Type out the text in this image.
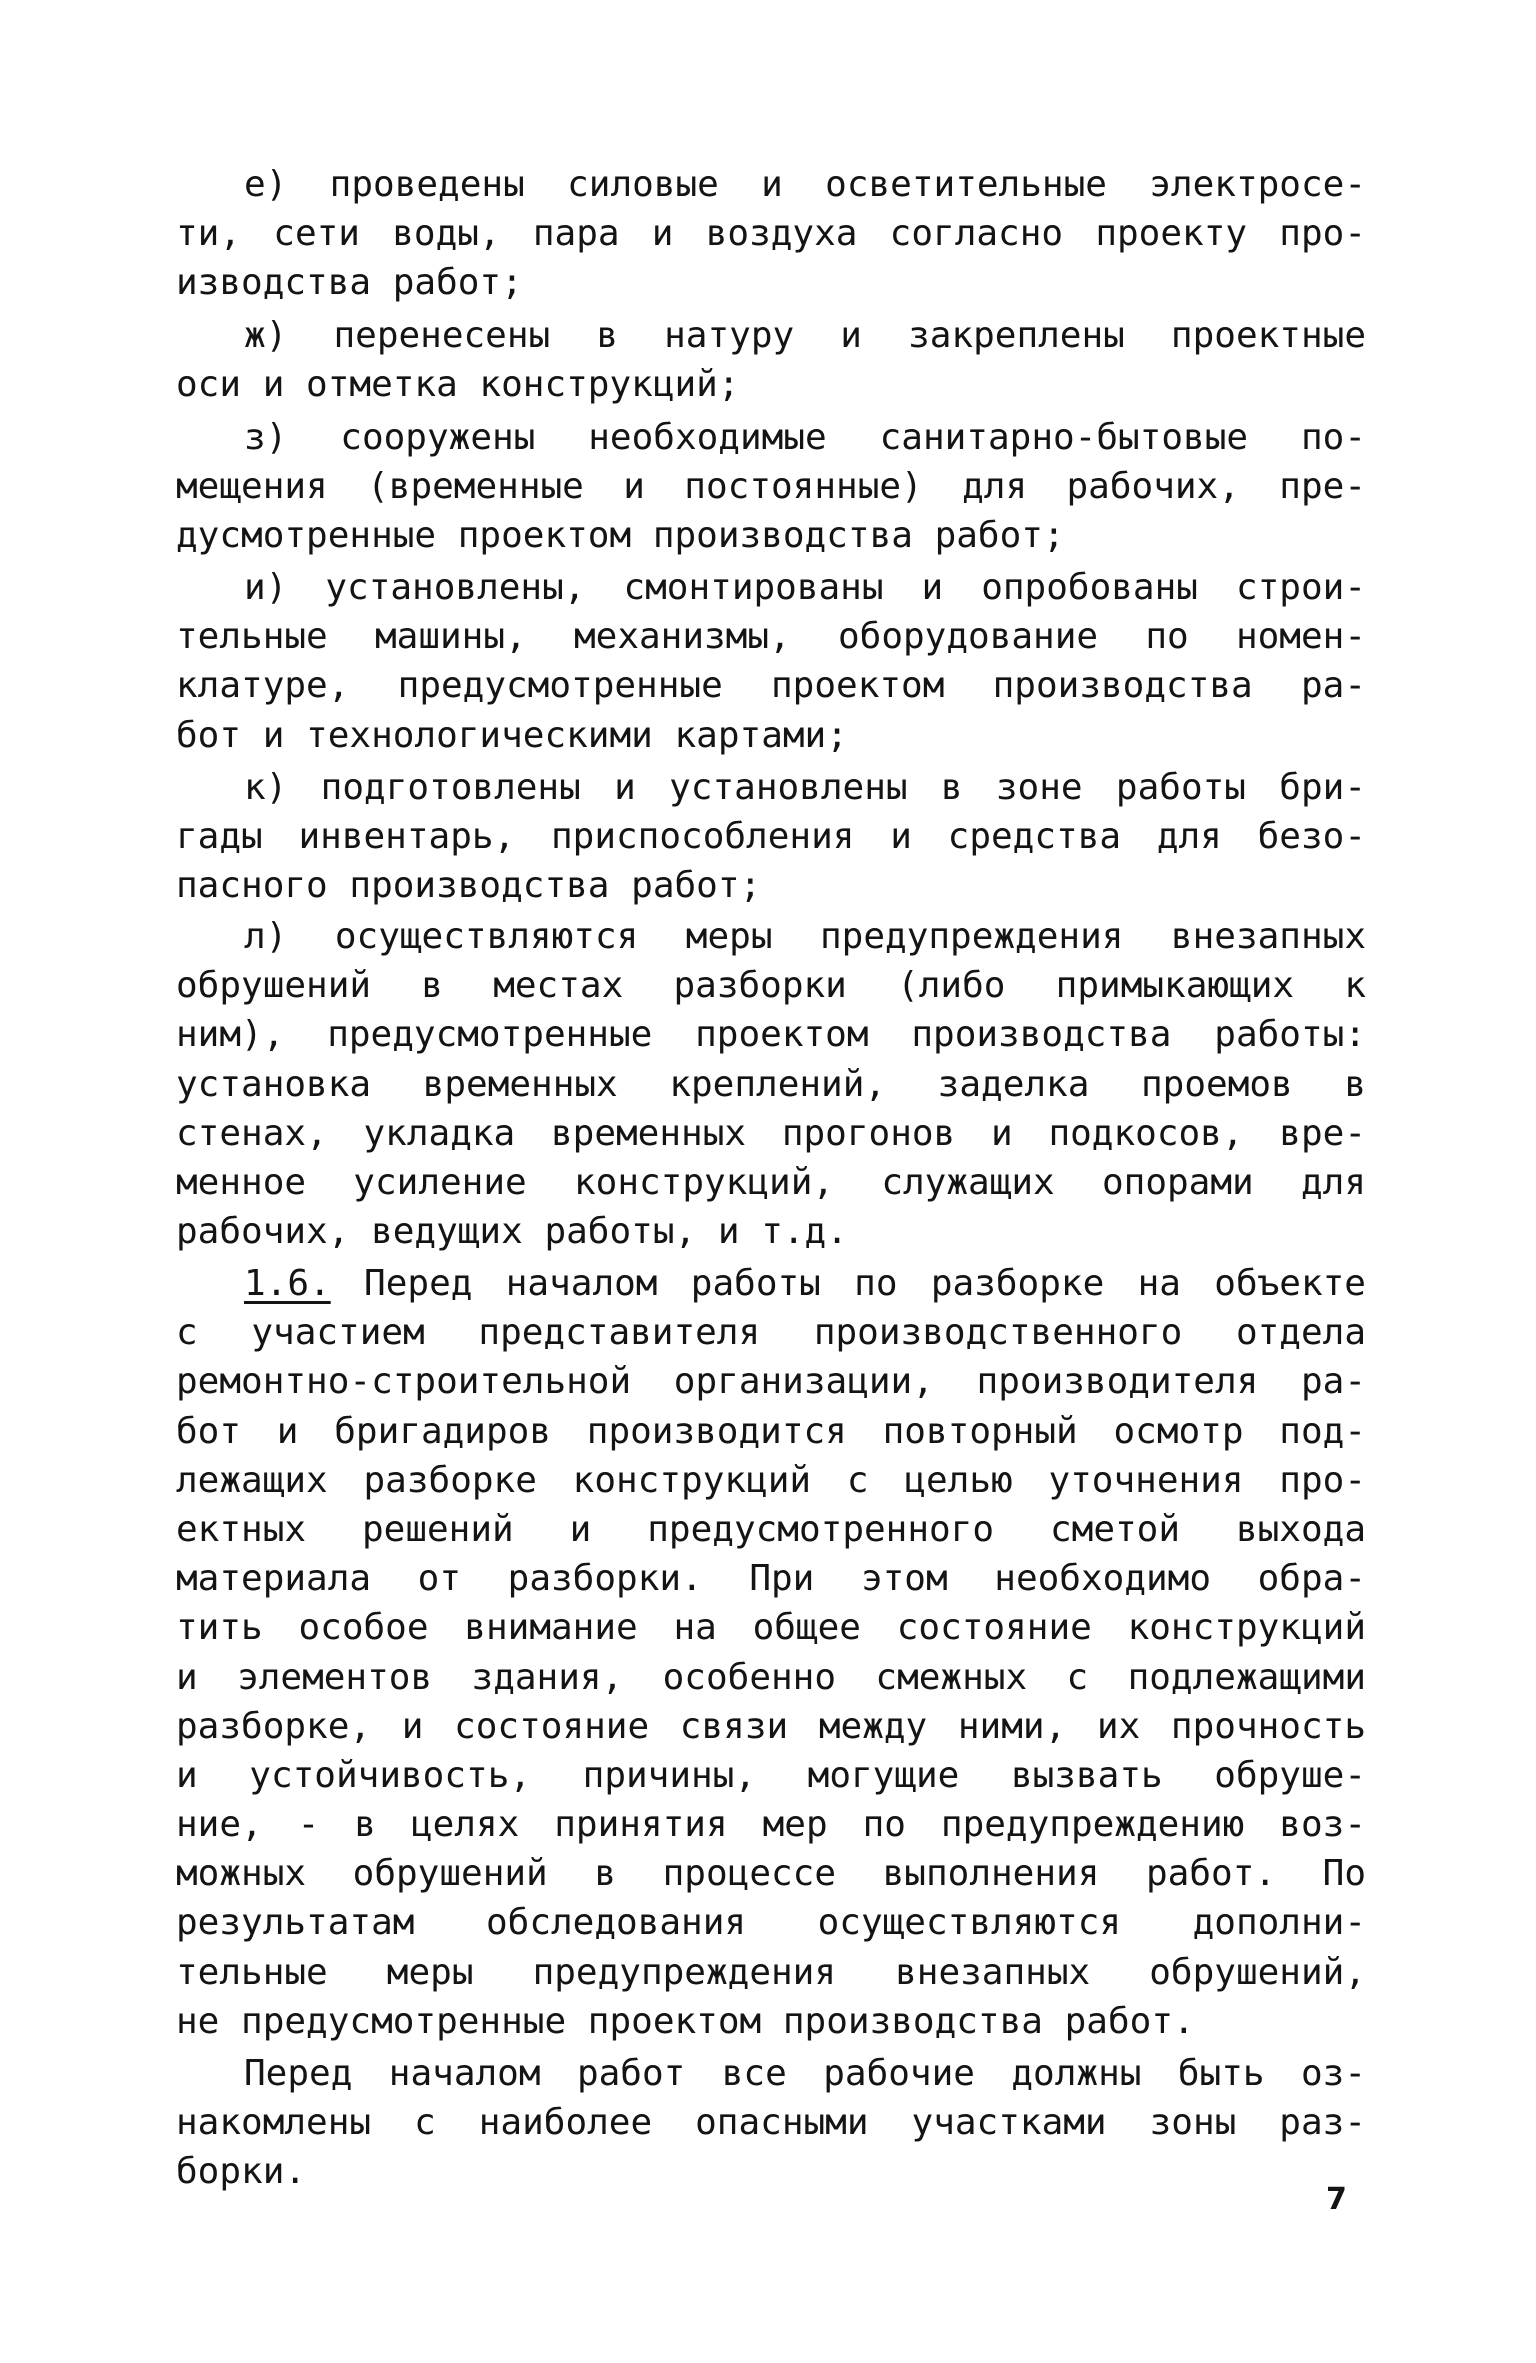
е) проведены силовые и осветительные электросе-
ти, сети воды, пара и воздуха согласно проекту про-
изводства работ;
ж) перенесены в натуру и закреплены проектные
оси и отметка конструкций;
з) сооружены необходимые санитарно-бытовые по-
мещения (временные и постоянные) для рабочих, пре-
дусмотренные проектом производства работ;
и) установлены, смонтированы и опробованы строи-
тельные машины, механизмы, оборудование по номен-
клатуре, предусмотренные проектом производства ра-
бот и технологическими картами;
к) подготовлены и установлены в зоне работы бри-
гады инвентарь, приспособления и средства для безо-
пасного производства работ;
л) осуществляются меры предупреждения внезапных
обрушений в местах разборки (либо примыкающих к
ним), предусмотренные проектом производства работы:
установка временных креплений, заделка проемов в
стенах, укладка временных прогонов и подкосов, вре-
менное усиление конструкций, служащих опорами для
рабочих, ведущих работы, и т.д.
1.6. Перед началом работы по разборке на объекте
с участием представителя производственного отдела
ремонтно-строительной организации, производителя ра-
бот и бригадиров производится повторный осмотр под-
лежащих разборке конструкций с целью уточнения про-
ектных решений и предусмотренного сметой выхода
материала от разборки. При этом необходимо обра-
тить особое внимание на общее состояние конструкций
и элементов здания, особенно смежных с подлежащими
разборке, и состояние связи между ними, их прочность
и устойчивость, причины, могущие вызвать обруше-
ние, - в целях принятия мер по предупреждению воз-
можных обрушений в процессе выполнения работ. По
результатам обследования осуществляются дополни-
тельные меры предупреждения внезапных обрушений,
не предусмотренные проектом производства работ.
Перед началом работ все рабочие должны быть оз-
накомлены с наиболее опасными участками зоны раз-
борки.
7
